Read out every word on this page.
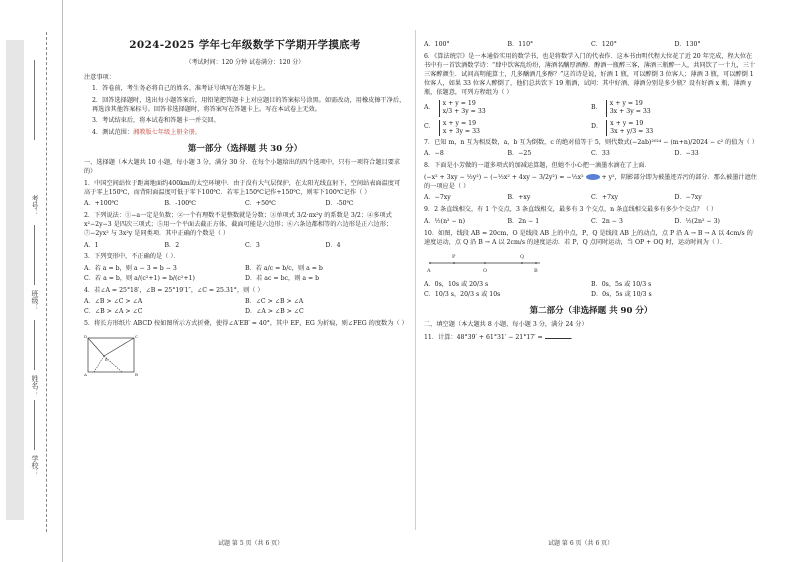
考号：
班级：
姓名：
学校：
2024-2025 学年七年级数学下学期开学摸底考
（考试时间：120 分钟 试卷满分：120 分）

注意事项：

1．答卷前，考生务必将自己的姓名、准考证号填写在答题卡上。

2．回答选择题时，选出每小题答案后，用铅笔把答题卡上对应题目的答案标号涂黑。如需改动，用橡皮擦干净后，再选涂其他答案标号。回答非选择题时，将答案写在答题卡上。写在本试卷上无效。

3．考试结束后，将本试卷和答题卡一并交回。

4．测试范围：湘教版七年级上册全册。

第一部分（选择题 共 30 分）

一、选择题（本大题共 10 小题，每小题 3 分，满分 30 分．在每个小题给出的四个选项中，只有一项符合题目要求的）

1．中国空间站位于距离地面约400km的太空环境中．由于没有大气层保护，在太阳光线直射下，空间站表面温度可高于零上150℃，而背阳面温度可低于零下100℃．若零上150℃记作+150℃，则零下100℃记作（ ）

A．+100℃	B．-100℃	C．+50℃	D．-50℃

2．下列说法：①−a一定是负数；②一个有理数不是整数就是分数；③单项式 3/2·πx²y 的系数是 3/2；④多项式 x²−2y−3 是四次三项式；⑤用一个平面去截正方体，截面可能是六边形；⑥六条边都相等的六边形是正六边形；⑦−2yx² 与 3x²y 是同类项．其中正确的个数是（ ）

A．1	B．2	C．3	D．4

3．下列变形中，不正确的是（ ）．

A．若 a = b，则 a − 3 = b − 3	B．若 a/c = b/c，则 a = b
C．若 a = b，则 a/(c²+1) = b/(c²+1)	D．若 ac = bc，则 a = b

4．若∠A = 25°18′，∠B = 25°19′1″，∠C = 25.31°，则（ ）

A．∠B > ∠C > ∠A	B．∠C > ∠B > ∠A
C．∠B > ∠A > ∠C	D．∠A > ∠B > ∠C

5．将长方形纸片 ABCD 按如图所示方式折叠，使得∠A′EB′ = 40°，其中 EF，EG 为折痕，则∠FEG 的度数为（ ）

D	C
A	B
E
试题 第 5 页（共 6 页）
A．100°	B．110°	C．120°	D．130°

6．《算法统宗》是一本通俗实用的数学书，也是将数学入门的代表作．这本书由明代程大位花了近 20 年完成，程大位在书中有一首饮酒数学诗：“肆中饮客乱纷纷，薄酒名醨厚酒醇．醇酒一瓶醉三客，薄酒三瓶醉一人，共同饮了一十九，三十三客醉颜生．试问高明能算士，几多醨酒几多醇？”这首诗是说，好酒 1 瓶，可以醉倒 3 位客人；薄酒 3 瓶，可以醉倒 1 位客人，如果 33 位客人醉倒了，他们总共饮下 19 瓶酒，试问：其中好酒、薄酒分别是多少瓶？设有好酒 x 瓶，薄酒 y 瓶，依题意，可列方程组为（ ）

A．
x + y = 19
x/3 + 3y = 33
B．
x + y = 19
3x + 3y = 33
C．
x + y = 19
x + 3y = 33
D．
x + y = 19
3x + y/3 = 33

7．已知 m，n 互为相反数，a，b 互为倒数，c 的绝对值等于 5，则代数式(−2ab)²⁰²⁴ − (m+n)/2024 − c² 的值为（ ）

A．−8	B．−25	C．33	D．−33

8．下面是小芳做的一道多项式的加减运算题，但她不小心把一滴墨水滴在了上面．

(−x² + 3xy − ½y²) − (−½x² + 4xy − 3/2y²) = −½x²	+ y²，阴影部分即为被墨迹弄污的部分．那么被墨汁遮住的一项应是（ ）

A．−7xy	B．+xy	C．+7xy	D．−7xy

9．2 条直线相交，有 1 个交点，3 条直线相交，最多有 3 个交点，n 条直线相交最多有多少个交点？（ ）

A．½(n² − n)	B．2n − 1	C．2n − 3	D．½(2n² − 3)

10．如图，线段 AB = 20cm，O 是线段 AB 上的中点，P，Q 是线段 AB 上的动点，点 P 沿 A → B → A 以 4cm/s 的速度运动，点 Q 沿 B → A 以 2cm/s 的速度运动．若 P，Q 点同时运动，当 OP + OQ 时，运动时间为（ ）．

P	Q
A	O	B
A．0s，10s 或 20/3 s	B．0s，5s 或 10/3 s
C．10/3 s，20/3 s 或 10s	D．0s，5s 或 10/3 s
第二部分（非选择题 共 90 分）

二、填空题（本大题共 8 小题，每小题 3 分，满分 24 分）

11．计算：48°39′ + 61°31′ − 21°17′ =	．

试题 第 6 页（共 6 页）
